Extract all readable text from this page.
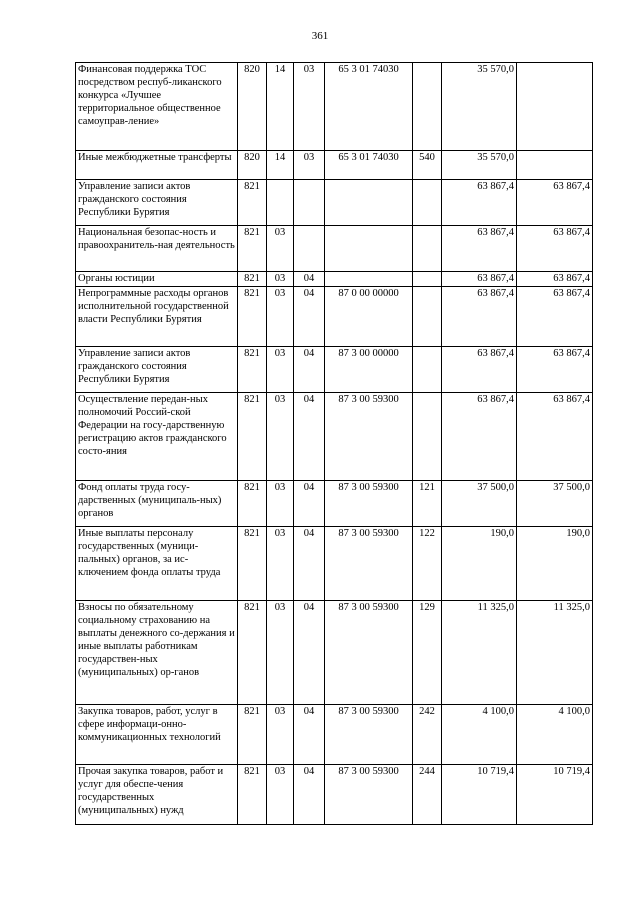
361
Финансовая поддержка ТОС посредством респуб-ликанского конкурса «Лучшее территориальное общественное самоуправ-ление»	820	14	03	65 3 01 74030		35 570,0	
Иные межбюджетные трансферты	820	14	03	65 3 01 74030	540	35 570,0	
Управление записи актов гражданского состояния Республики Бурятия	821					63 867,4	63 867,4
Национальная безопас-ность и правоохранитель-ная деятельность	821	03				63 867,4	63 867,4
Органы юстиции	821	03	04			63 867,4	63 867,4
Непрограммные расходы органов исполнительной государственной власти Республики Бурятия	821	03	04	87 0 00 00000		63 867,4	63 867,4
Управление записи актов гражданского состояния Республики Бурятия	821	03	04	87 3 00 00000		63 867,4	63 867,4
Осуществление передан-ных полномочий Россий-ской Федерации на госу-дарственную регистрацию актов гражданского состо-яния	821	03	04	87 3 00 59300		63 867,4	63 867,4
Фонд оплаты труда госу-дарственных (муниципаль-ных) органов	821	03	04	87 3 00 59300	121	37 500,0	37 500,0
Иные выплаты персоналу государственных (муници-пальных) органов, за ис-ключением фонда оплаты труда	821	03	04	87 3 00 59300	122	190,0	190,0
Взносы по обязательному социальному страхованию на выплаты денежного со-держания и иные выплаты работникам государствен-ных (муниципальных) ор-ганов	821	03	04	87 3 00 59300	129	11 325,0	11 325,0
Закупка товаров, работ, услуг в сфере информаци-онно-коммуникационных технологий	821	03	04	87 3 00 59300	242	4 100,0	4 100,0
Прочая закупка товаров, работ и услуг для обеспе-чения государственных (муниципальных) нужд	821	03	04	87 3 00 59300	244	10 719,4	10 719,4
